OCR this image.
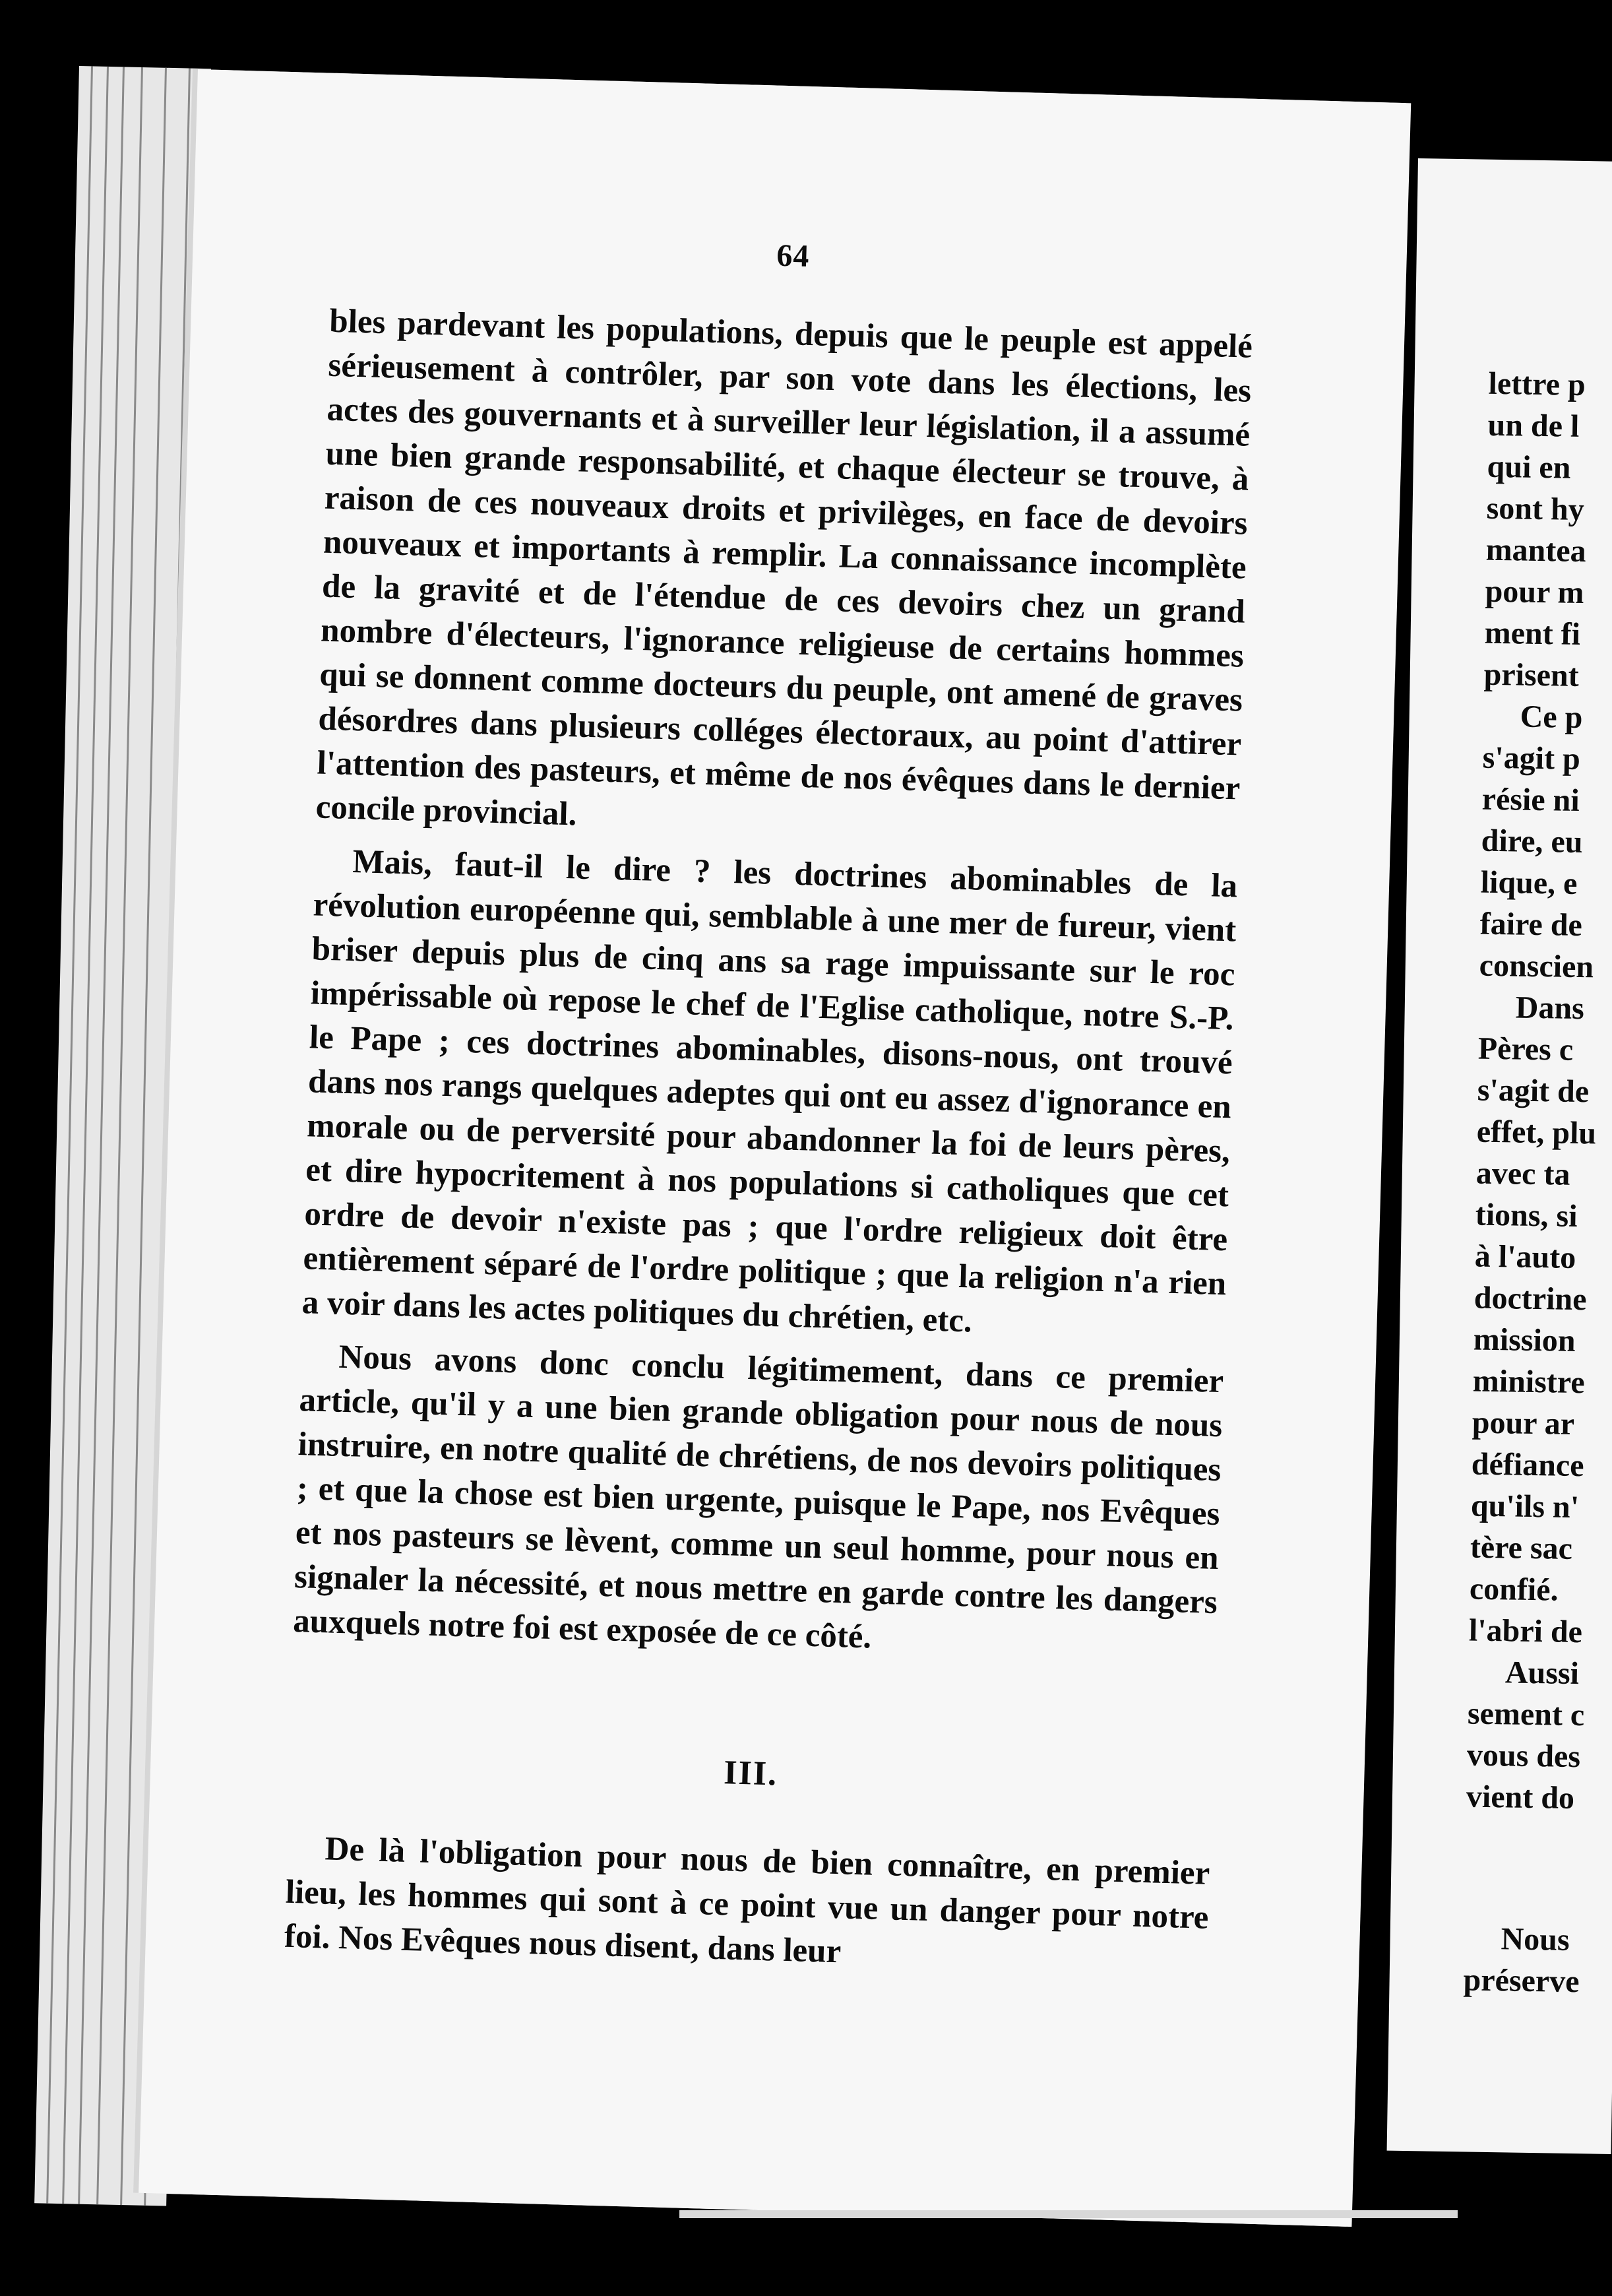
64

bles pardevant les populations, depuis que le peuple est appelé sérieusement à contrôler, par son vote dans les élections, les actes des gouvernants et à surveiller leur législation, il a assumé une bien grande responsabilité, et chaque électeur se trouve, à raison de ces nouveaux droits et privilèges, en face de devoirs nouveaux et importants à remplir. La connaissance incomplète de la gravité et de l'étendue de ces devoirs chez un grand nombre d'électeurs, l'ignorance religieuse de certains hommes qui se donnent comme docteurs du peuple, ont amené de graves désordres dans plusieurs colléges électoraux, au point d'attirer l'attention des pasteurs, et même de nos évêques dans le dernier concile provincial.

Mais, faut-il le dire ? les doctrines abominables de la révolution européenne qui, semblable à une mer de fureur, vient briser depuis plus de cinq ans sa rage impuissante sur le roc impérissable où repose le chef de l'Eglise catholique, notre S.-P. le Pape ; ces doctrines abominables, disons-nous, ont trouvé dans nos rangs quelques adeptes qui ont eu assez d'ignorance en morale ou de perversité pour abandonner la foi de leurs pères, et dire hypocritement à nos populations si catholiques que cet ordre de devoir n'existe pas ; que l'ordre religieux doit être entièrement séparé de l'ordre politique ; que la religion n'a rien a voir dans les actes politiques du chrétien, etc.

Nous avons donc conclu légitimement, dans ce premier article, qu'il y a une bien grande obligation pour nous de nous instruire, en notre qualité de chrétiens, de nos devoirs politiques ; et que la chose est bien urgente, puisque le Pape, nos Evêques et nos pasteurs se lèvent, comme un seul homme, pour nous en signaler la nécessité, et nous mettre en garde contre les dangers auxquels notre foi est exposée de ce côté.

III.

De là l'obligation pour nous de bien connaître, en premier lieu, les hommes qui sont à ce point vue un danger pour notre foi. Nos Evêques nous disent, dans leur

lettre p
un de l
qui en
sont hy
mantea
pour m
ment fi
prisent
Ce p
s'agit p
résie ni
dire, eu
lique, e
faire de
conscien
Dans
Pères c
s'agit de
effet, plu
avec ta
tions, si
à l'auto
doctrine
mission
ministre
pour ar
défiance
qu'ils n'
tère sac
confié.
l'abri de
Aussi
sement c
vous des
vient do
Nous
préserve
